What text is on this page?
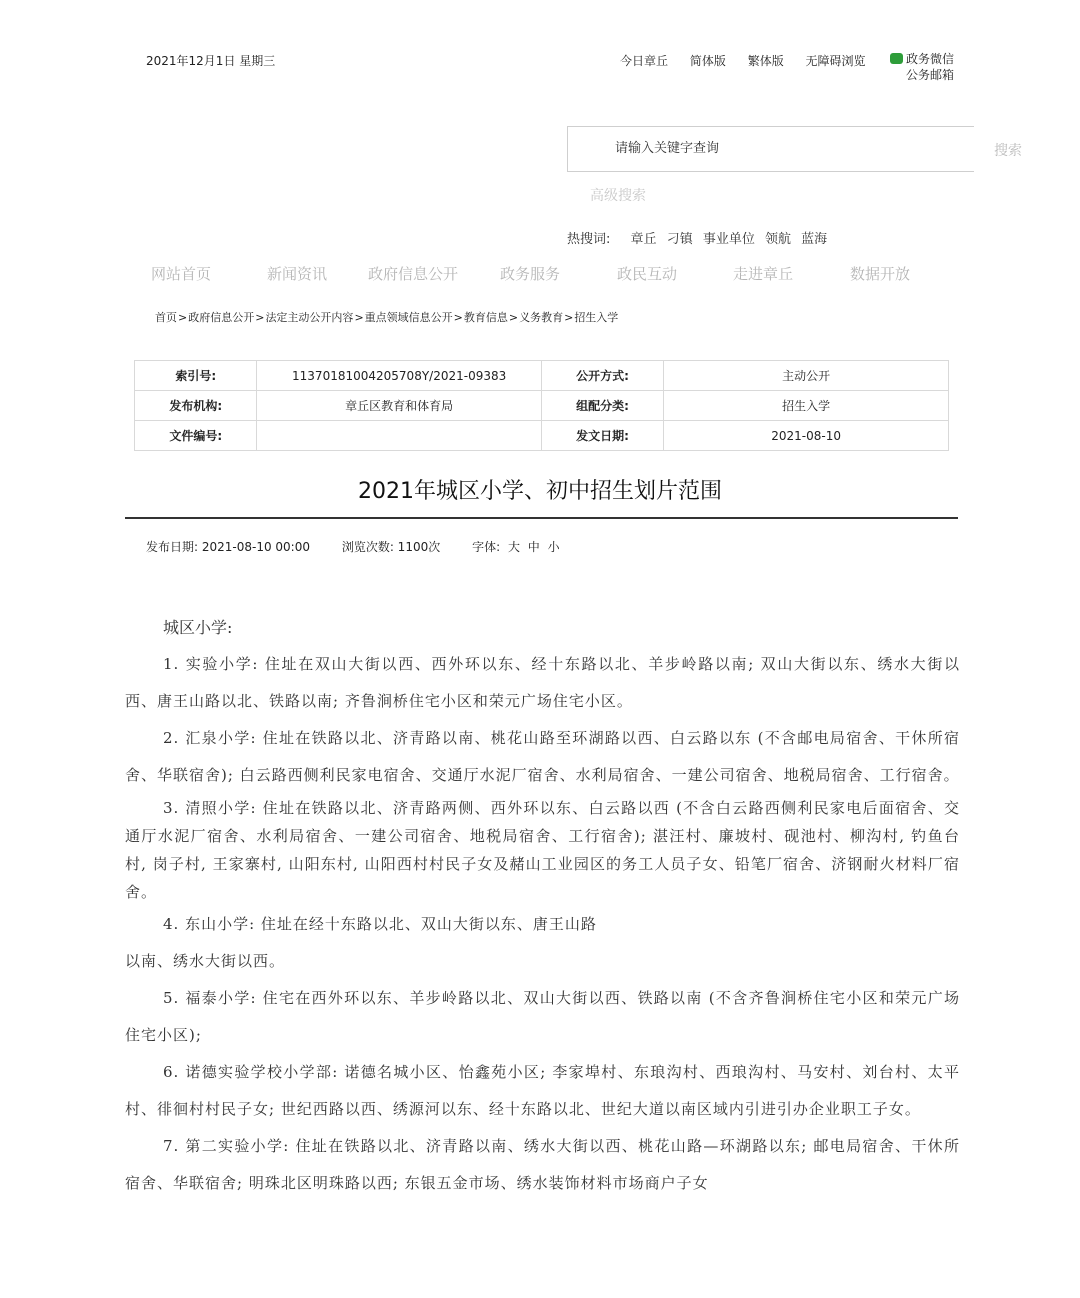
2021年12月1日 星期三	今日章丘 简体版 繁体版 无障碍浏览	政务微信
公务邮箱
请输入关键字查询
搜索
高级搜索
热搜词: 章丘 刁镇 事业单位 领航 蓝海
网站首页	新闻资讯	政府信息公开	政务服务	政民互动	走进章丘	数据开放
首页>政府信息公开>法定主动公开内容>重点领域信息公开>教育信息>义务教育>招生入学
索引号:	11370181004205708Y/2021-09383	公开方式:	主动公开
发布机构:	章丘区教育和体育局	组配分类:	招生入学
文件编号:		发文日期:	2021-08-10
2021年城区小学、初中招生划片范围
发布日期: 2021-08-10 00:00	浏览次数: 1100次	字体: 大 中 小
城区小学:

1. 实验小学: 住址在双山大街以西、西外环以东、经十东路以北、羊步岭路以南; 双山大街以东、绣水大街以西、唐王山路以北、铁路以南; 齐鲁涧桥住宅小区和荣元广场住宅小区。

2. 汇泉小学: 住址在铁路以北、济青路以南、桃花山路至环湖路以西、白云路以东 (不含邮电局宿舍、干休所宿舍、华联宿舍); 白云路西侧利民家电宿舍、交通厅水泥厂宿舍、水利局宿舍、一建公司宿舍、地税局宿舍、工行宿舍。

3. 清照小学: 住址在铁路以北、济青路两侧、西外环以东、白云路以西 (不含白云路西侧利民家电后面宿舍、交通厅水泥厂宿舍、水利局宿舍、一建公司宿舍、地税局宿舍、工行宿舍); 湛汪村、廉坡村、砚池村、柳沟村, 钓鱼台村, 岗子村, 王家寨村, 山阳东村, 山阳西村村民子女及赭山工业园区的务工人员子女、铅笔厂宿舍、济钢耐火材料厂宿舍。

4. 东山小学: 住址在经十东路以北、双山大街以东、唐王山路

以南、绣水大街以西。

5. 福泰小学: 住宅在西外环以东、羊步岭路以北、双山大街以西、铁路以南 (不含齐鲁涧桥住宅小区和荣元广场住宅小区);

6. 诺德实验学校小学部: 诺德名城小区、怡鑫苑小区; 李家埠村、东琅沟村、西琅沟村、马安村、刘台村、太平村、徘徊村村民子女; 世纪西路以西、绣源河以东、经十东路以北、世纪大道以南区域内引进引办企业职工子女。

7. 第二实验小学: 住址在铁路以北、济青路以南、绣水大街以西、桃花山路—环湖路以东; 邮电局宿舍、干休所宿舍、华联宿舍; 明珠北区明珠路以西; 东银五金市场、绣水装饰材料市场商户子女
